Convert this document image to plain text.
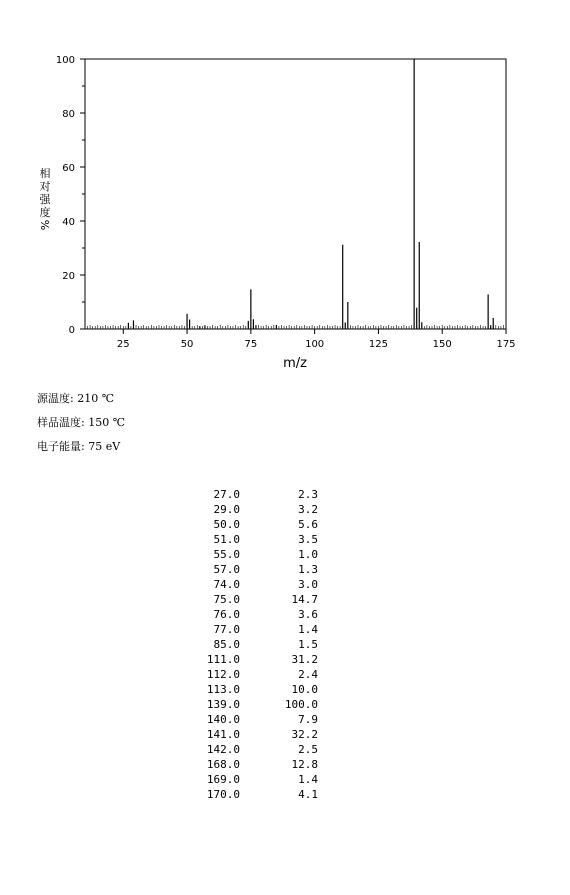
25	50	75	100	125	150	175
0
20
40
60
80
100
m/z
相
对
强
度
%
源温度: 210 ℃
样品温度: 150 ℃
电子能量: 75 eV
27.0	2.3
29.0	3.2
50.0	5.6
51.0	3.5
55.0	1.0
57.0	1.3
74.0	3.0
75.0	14.7
76.0	3.6
77.0	1.4
85.0	1.5
111.0	31.2
112.0	2.4
113.0	10.0
139.0	100.0
140.0	7.9
141.0	32.2
142.0	2.5
168.0	12.8
169.0	1.4
170.0	4.1
